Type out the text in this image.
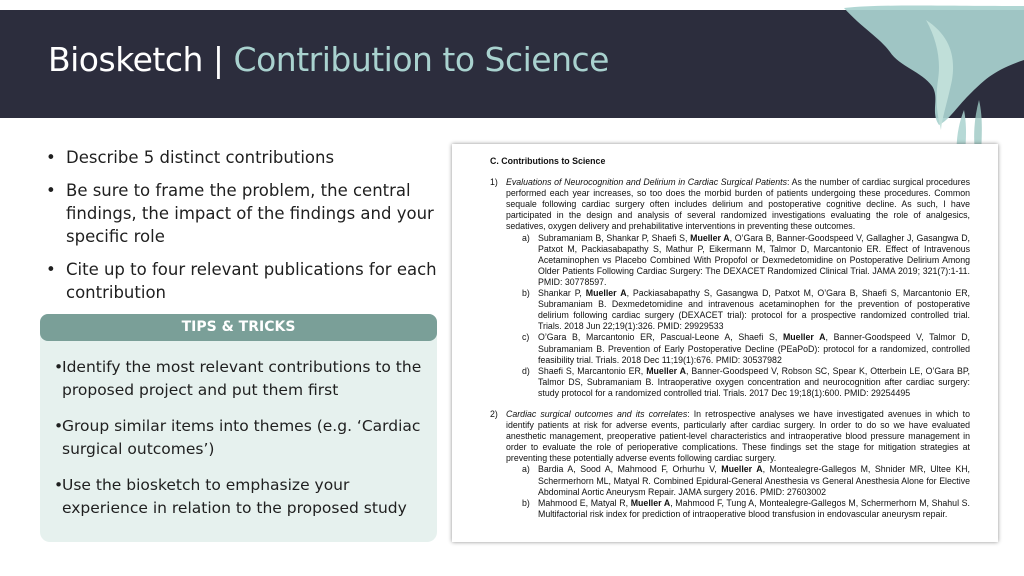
Biosketch | Contribution to Science
• Describe 5 distinct contributions
• Be sure to frame the problem, the central findings, the impact of the findings and your specific role
• Cite up to four relevant publications for each contribution
TIPS & TRICKS
• Identify the most relevant contributions to the proposed project and put them first
• Group similar items into themes (e.g. ‘Cardiac surgical outcomes’)
• Use the biosketch to emphasize your experience in relation to the proposed study
C. Contributions to Science
1) Evaluations of Neurocognition and Delirium in Cardiac Surgical Patients: As the number of cardiac surgical procedures performed each year increases, so too does the morbid burden of patients undergoing these procedures. Common sequale following cardiac surgery often includes delirium and postoperative cognitive decline. As such, I have participated in the design and analysis of several randomized investigations evaluating the role of analgesics, sedatives, oxygen delivery and prehabilitative interventions in preventing these outcomes.
a) Subramaniam B, Shankar P, Shaefi S, Mueller A, O’Gara B, Banner-Goodspeed V, Gallagher J, Gasangwa D, Patxot M, Packiasabapathy S, Mathur P, Eikermann M, Talmor D, Marcantonio ER. Effect of Intravenous Acetaminophen vs Placebo Combined With Propofol or Dexmedetomidine on Postoperative Delirium Among Older Patients Following Cardiac Surgery: The DEXACET Randomized Clinical Trial. JAMA 2019; 321(7):1-11. PMID: 30778597.
b) Shankar P, Mueller A, Packiasabapathy S, Gasangwa D, Patxot M, O’Gara B, Shaefi S, Marcantonio ER, Subramaniam B. Dexmedetomidine and intravenous acetaminophen for the prevention of postoperative delirium following cardiac surgery (DEXACET trial): protocol for a prospective randomized controlled trial. Trials. 2018 Jun 22;19(1):326. PMID: 29929533
c) O’Gara B, Marcantonio ER, Pascual-Leone A, Shaefi S, Mueller A, Banner-Goodspeed V, Talmor D, Subramaniam B. Prevention of Early Postoperative Decline (PEaPoD): protocol for a randomized, controlled feasibility trial. Trials. 2018 Dec 11;19(1):676. PMID: 30537982
d) Shaefi S, Marcantonio ER, Mueller A, Banner-Goodspeed V, Robson SC, Spear K, Otterbein LE, O’Gara BP, Talmor DS, Subramaniam B. Intraoperative oxygen concentration and neurocognition after cardiac surgery: study protocol for a randomized controlled trial. Trials. 2017 Dec 19;18(1):600. PMID: 29254495
2) Cardiac surgical outcomes and its correlates: In retrospective analyses we have investigated avenues in which to identify patients at risk for adverse events, particularly after cardiac surgery. In order to do so we have evaluated anesthetic management, preoperative patient-level characteristics and intraoperative blood pressure management in order to evaluate the role of perioperative complications. These findings set the stage for mitigation strategies at preventing these potentially adverse events following cardiac surgery.
a) Bardia A, Sood A, Mahmood F, Orhurhu V, Mueller A, Montealegre-Gallegos M, Shnider MR, Ultee KH, Schermerhorn ML, Matyal R. Combined Epidural-General Anesthesia vs General Anesthesia Alone for Elective Abdominal Aortic Aneurysm Repair. JAMA surgery 2016. PMID: 27603002
b) Mahmood E, Matyal R, Mueller A, Mahmood F, Tung A, Montealegre-Gallegos M, Schermerhorn M, Shahul S. Multifactorial risk index for prediction of intraoperative blood transfusion in endovascular aneurysm repair.
